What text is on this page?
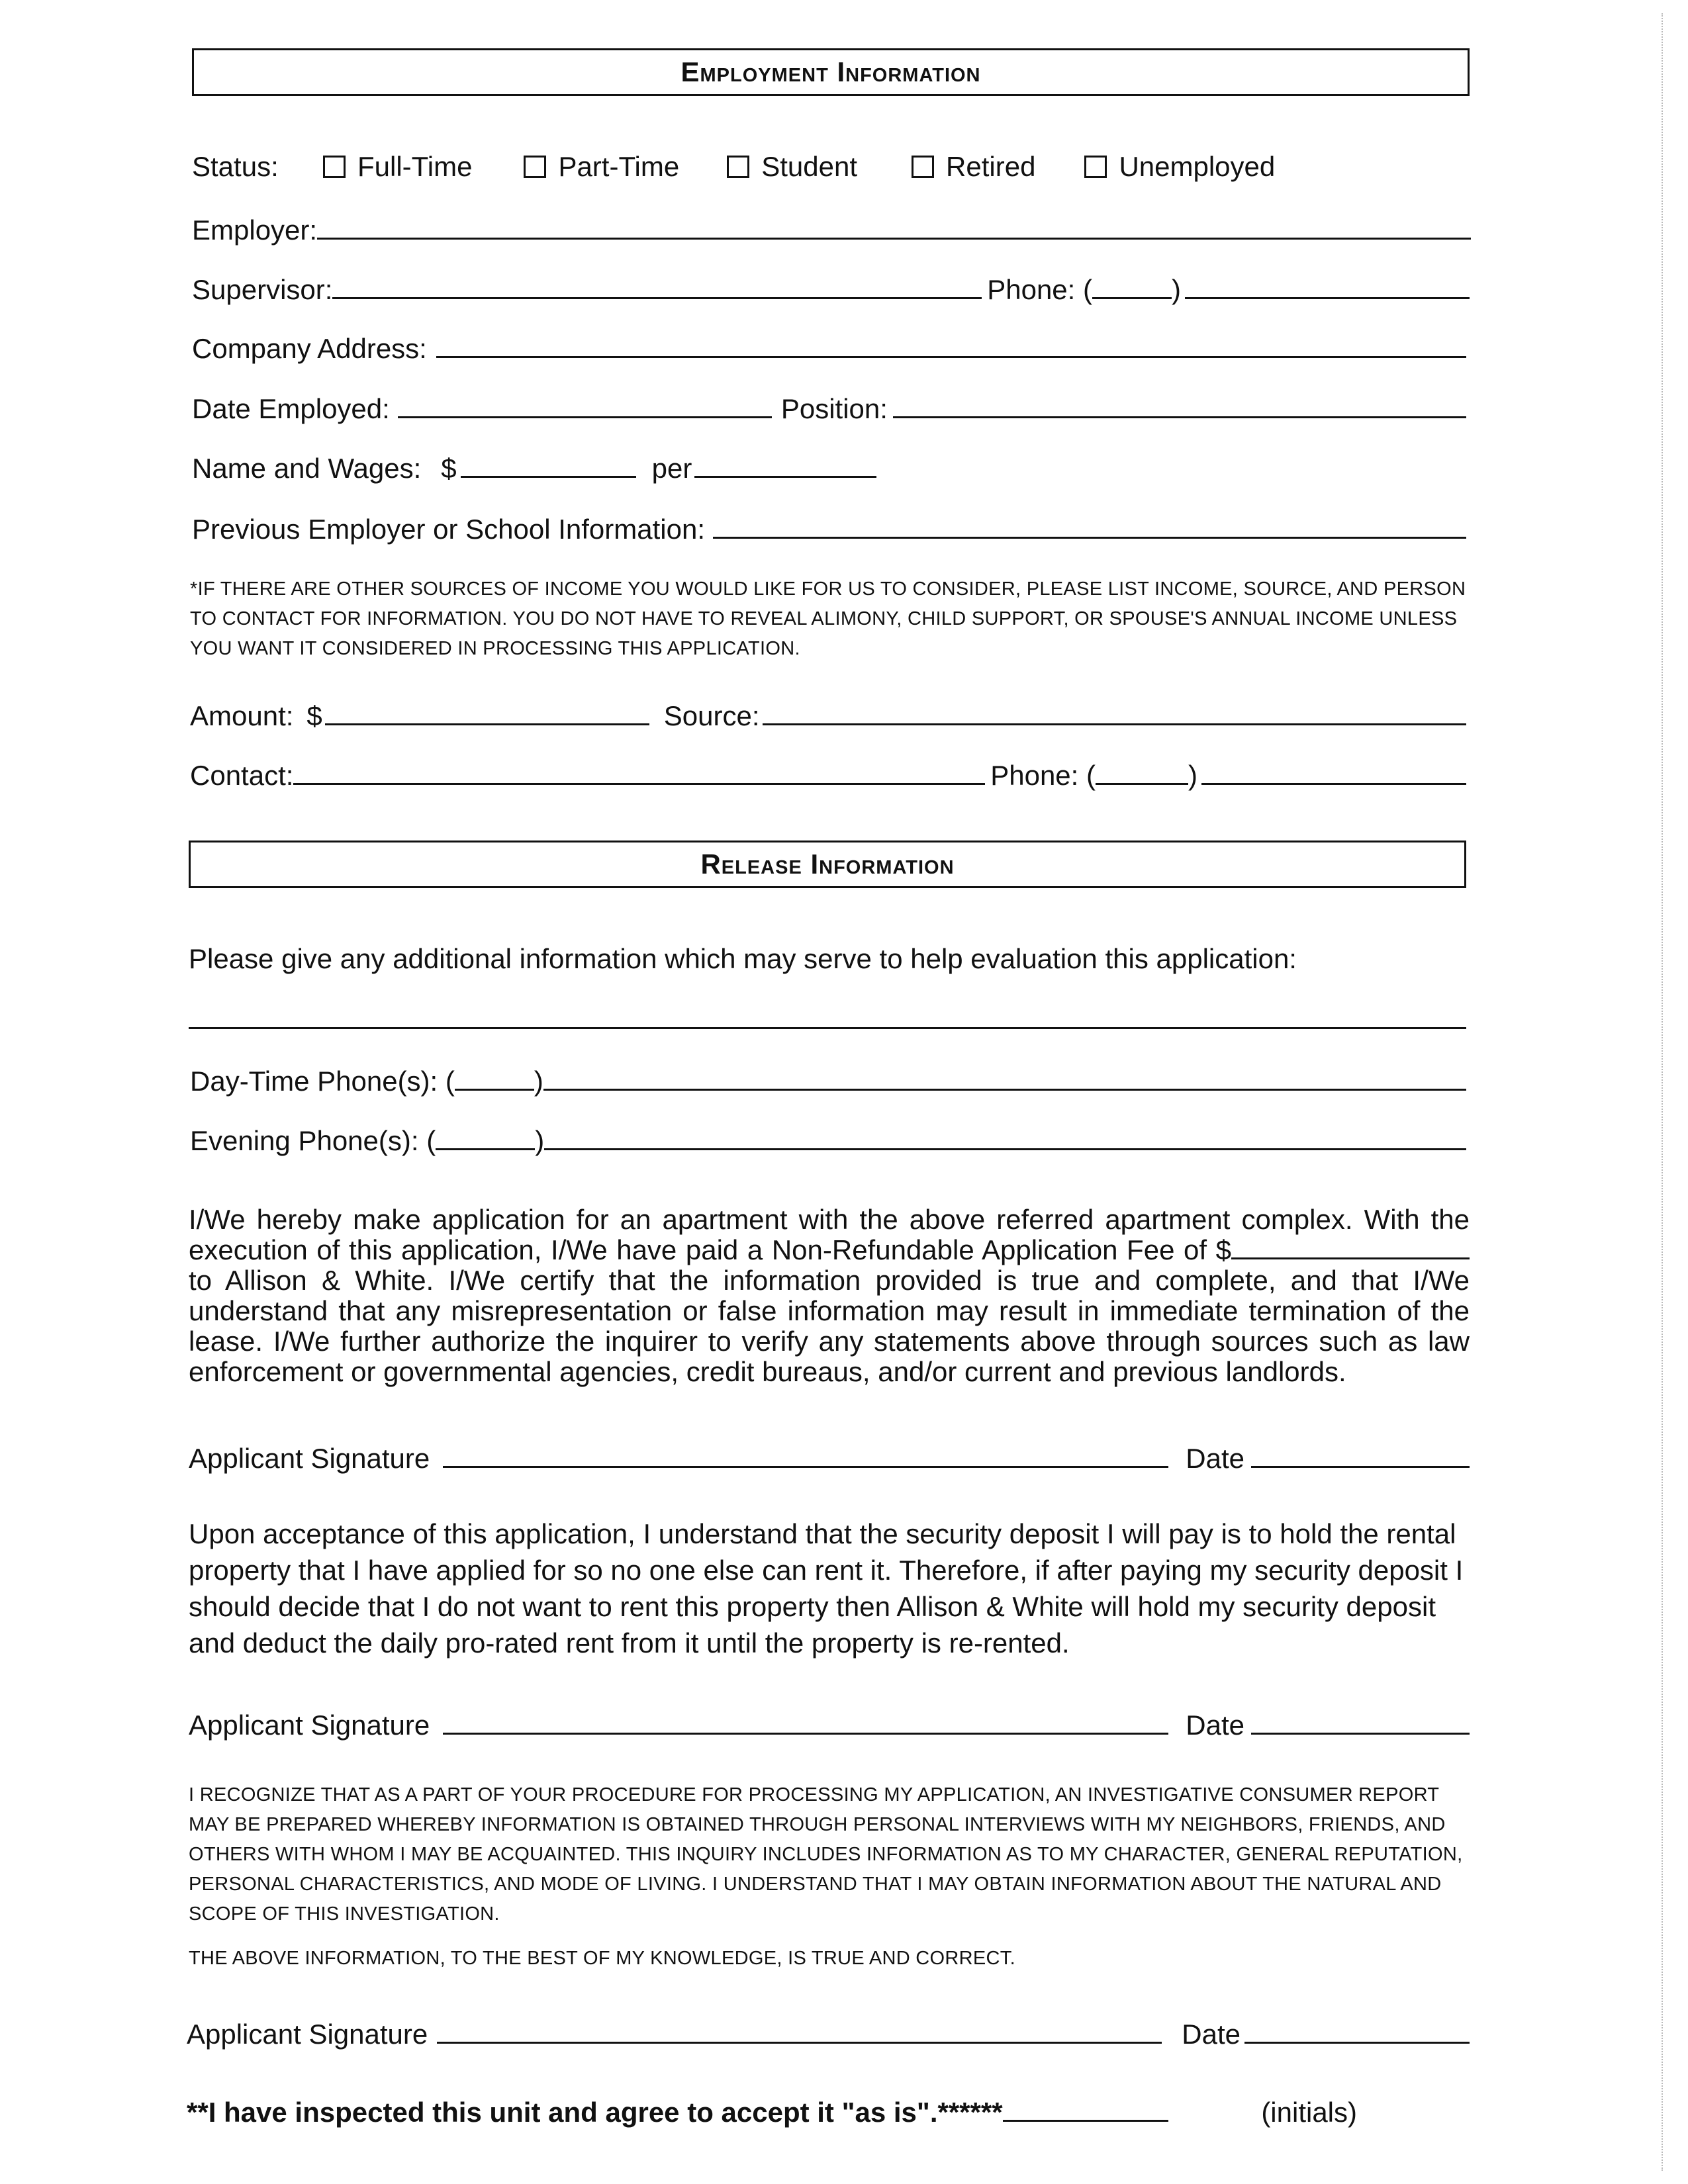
Employment Information
Status:	Full-Time	Part-Time	Student	Retired	Unemployed
Employer:
Supervisor:	Phone: (	)
Company Address:
Date Employed:	Position:
Name and Wages: $	per
Previous Employer or School Information:
*IF THERE ARE OTHER SOURCES OF INCOME YOU WOULD LIKE FOR US TO CONSIDER, PLEASE LIST INCOME, SOURCE, AND PERSON TO CONTACT FOR INFORMATION. YOU DO NOT HAVE TO REVEAL ALIMONY, CHILD SUPPORT, OR SPOUSE'S ANNUAL INCOME UNLESS YOU WANT IT CONSIDERED IN PROCESSING THIS APPLICATION.
Amount: $	Source:
Contact:	Phone: (	)
Release Information
Please give any additional information which may serve to help evaluation this application:
Day-Time Phone(s): (	)
Evening Phone(s): (	)
I/We hereby make application for an apartment with the above referred apartment complex. With the execution of this application, I/We have paid a Non-Refundable Application Fee of $ to Allison & White. I/We certify that the information provided is true and complete, and that I/We understand that any misrepresentation or false information may result in immediate termination of the lease. I/We further authorize the inquirer to verify any statements above through sources such as law enforcement or governmental agencies, credit bureaus, and/or current and previous landlords.
Applicant Signature	Date
Upon acceptance of this application, I understand that the security deposit I will pay is to hold the rental property that I have applied for so no one else can rent it. Therefore, if after paying my security deposit I should decide that I do not want to rent this property then Allison & White will hold my security deposit and deduct the daily pro-rated rent from it until the property is re-rented.
Applicant Signature	Date
I RECOGNIZE THAT AS A PART OF YOUR PROCEDURE FOR PROCESSING MY APPLICATION, AN INVESTIGATIVE CONSUMER REPORT MAY BE PREPARED WHEREBY INFORMATION IS OBTAINED THROUGH PERSONAL INTERVIEWS WITH MY NEIGHBORS, FRIENDS, AND OTHERS WITH WHOM I MAY BE ACQUAINTED. THIS INQUIRY INCLUDES INFORMATION AS TO MY CHARACTER, GENERAL REPUTATION, PERSONAL CHARACTERISTICS, AND MODE OF LIVING. I UNDERSTAND THAT I MAY OBTAIN INFORMATION ABOUT THE NATURAL AND SCOPE OF THIS INVESTIGATION.
THE ABOVE INFORMATION, TO THE BEST OF MY KNOWLEDGE, IS TRUE AND CORRECT.
Applicant Signature	Date
**I have inspected this unit and agree to accept it "as is".******	(initials)
